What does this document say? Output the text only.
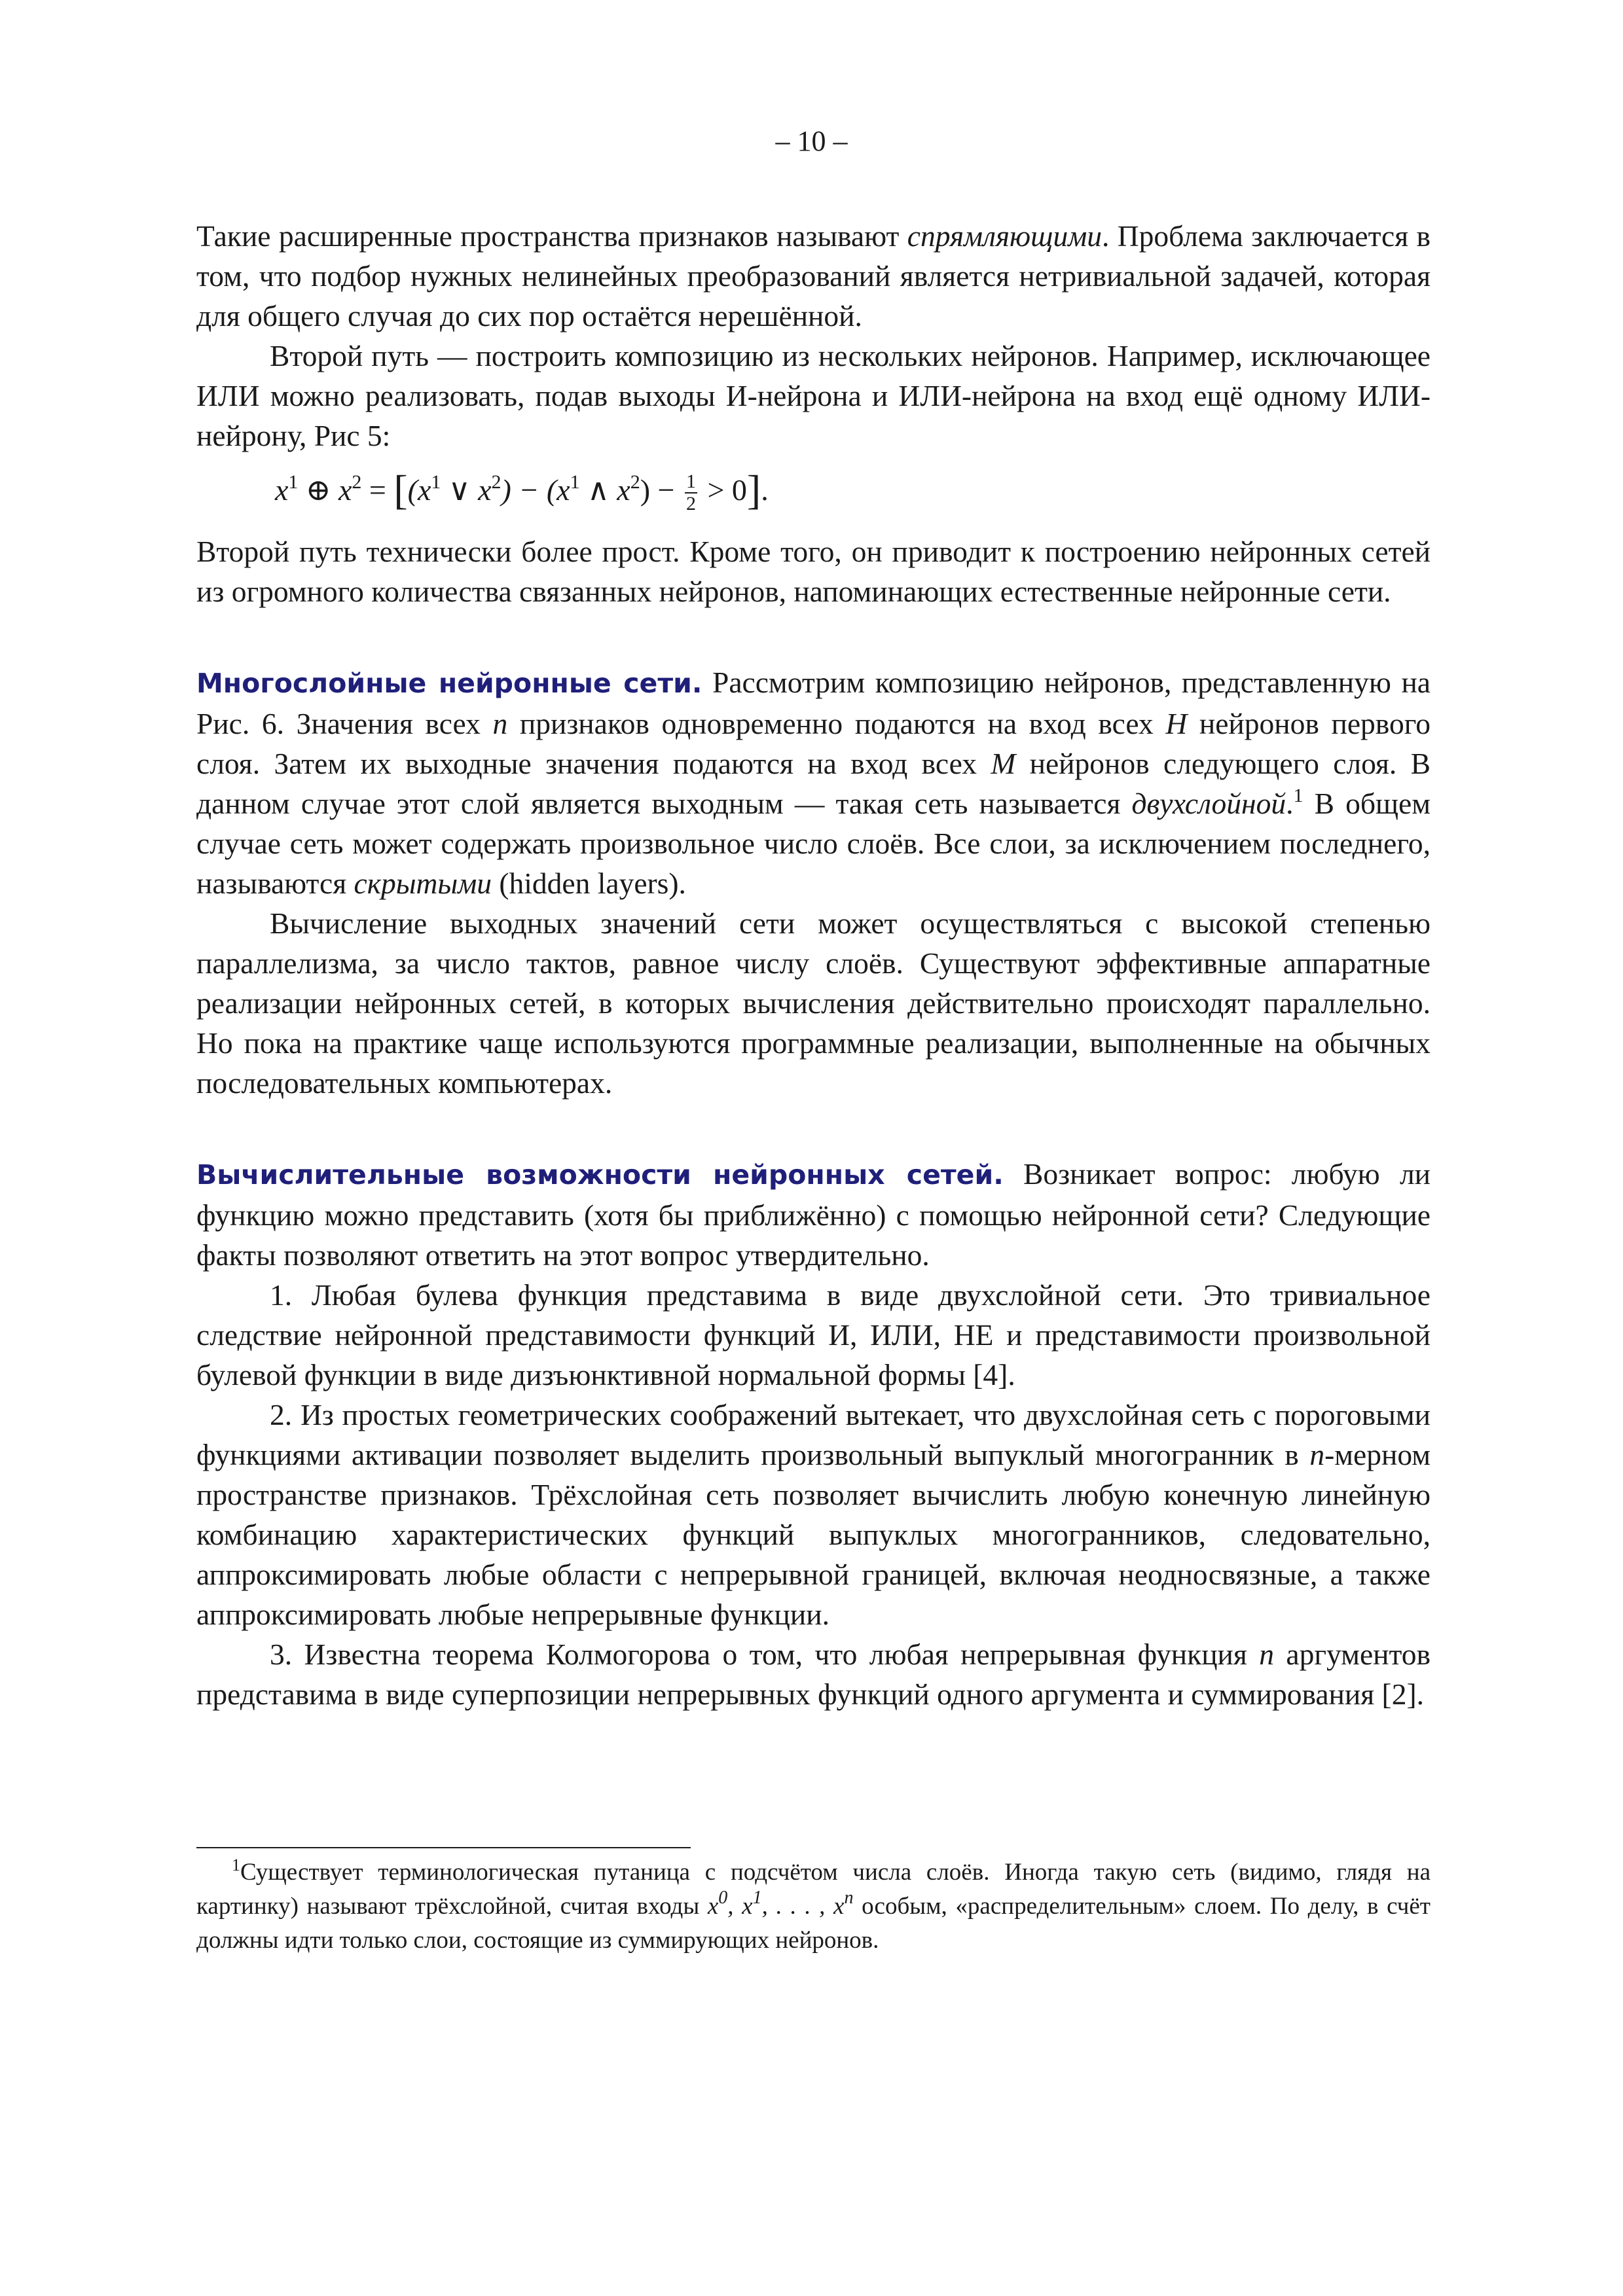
– 10 –

Такие расширенные пространства признаков называют спрямляющими. Проблема заключается в том, что подбор нужных нелинейных преобразований является нетривиальной задачей, которая для общего случая до сих пор остаётся нерешённой.

Второй путь — построить композицию из нескольких нейронов. Например, исключающее ИЛИ можно реализовать, подав выходы И-нейрона и ИЛИ-нейрона на вход ещё одному ИЛИ-нейрону, Рис 5:

$x^1$ ⊕ $x^2 = [(x^1$ ∨ $x^2) - (x^1$ ∧ $x^2) - \frac{1}{2} > 0$].

Второй путь технически более прост. Кроме того, он приводит к построению нейронных сетей из огромного количества связанных нейронов, напоминающих естественные нейронные сети.

Многослойные нейронные сети. Рассмотрим композицию нейронов, представленную на Рис. 6. Значения всех n признаков одновременно подаются на вход всех H нейронов первого слоя. Затем их выходные значения подаются на вход всех M нейронов следующего слоя. В данном случае этот слой является выходным — такая сеть называется двухслойной.$^1$ В общем случае сеть может содержать произвольное число слоёв. Все слои, за исключением последнего, называются скрытыми (hidden layers).

Вычисление выходных значений сети может осуществляться с высокой степенью параллелизма, за число тактов, равное числу слоёв. Существуют эффективные аппаратные реализации нейронных сетей, в которых вычисления действительно происходят параллельно. Но пока на практике чаще используются программные реализации, выполненные на обычных последовательных компьютерах.

Вычислительные возможности нейронных сетей. Возникает вопрос: любую ли функцию можно представить (хотя бы приближённо) с помощью нейронной сети? Следующие факты позволяют ответить на этот вопрос утвердительно.

1. Любая булева функция представима в виде двухслойной сети. Это тривиальное следствие нейронной представимости функций И, ИЛИ, НЕ и представимости произвольной булевой функции в виде дизъюнктивной нормальной формы [4].

2. Из простых геометрических соображений вытекает, что двухслойная сеть с пороговыми функциями активации позволяет выделить произвольный выпуклый многогранник в n-мерном пространстве признаков. Трёхслойная сеть позволяет вычислить любую конечную линейную комбинацию характеристических функций выпуклых многогранников, следовательно, аппроксимировать любые области с непрерывной границей, включая неодносвязные, а также аппроксимировать любые непрерывные функции.

3. Известна теорема Колмогорова о том, что любая непрерывная функция n аргументов представима в виде суперпозиции непрерывных функций одного аргумента и суммирования [2].

$^1$Существует терминологическая путаница с подсчётом числа слоёв. Иногда такую сеть (видимо, глядя на картинку) называют трёхслойной, считая входы $x^0$, $x^1$, . . . , $x^n$ особым, «распределительным» слоем. По делу, в счёт должны идти только слои, состоящие из суммирующих нейронов.
